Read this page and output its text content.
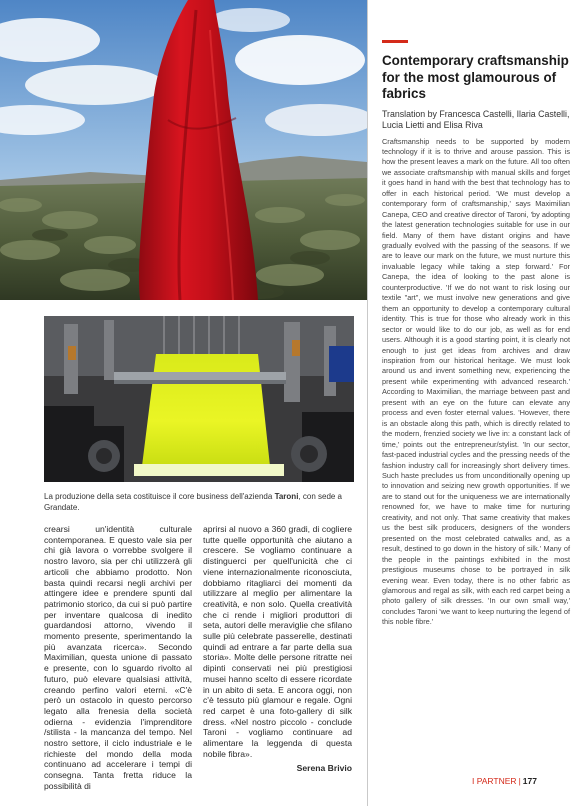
La produzione della seta costituisce il core business dell'azienda Taroni, con sede a Grandate.
crearsi un'identità culturale contemporanea. E questo vale sia per chi già lavora o vorrebbe svolgere il nostro lavoro, sia per chi utilizzerà gli articoli che abbiamo prodotto. Non basta quindi recarsi negli archivi per attingere idee e prendere spunti dal patrimonio storico, da cui si può partire per inventare qualcosa di inedito guardandosi attorno, vivendo il momento presente, sperimentando la più avanzata ricerca». Secondo Maximilian, questa unione di passato e presente, con lo sguardo rivolto al futuro, può elevare qualsiasi attività, creando perfino valori eterni. «C'è però un ostacolo in questo percorso legato alla frenesia della società odierna - evidenzia l'imprenditore /stilista - la mancanza del tempo. Nel nostro settore, il ciclo industriale e le richieste del mondo della moda continuano ad accelerare i tempi di consegna. Tanta fretta riduce la possibilità di
aprirsi al nuovo a 360 gradi, di cogliere tutte quelle opportunità che aiutano a crescere. Se vogliamo continuare a distinguerci per quell'unicità che ci viene internazionalmente riconosciuta, dobbiamo ritagliarci dei momenti da utilizzare al meglio per alimentare la creatività, e non solo. Quella creatività che ci rende i migliori produttori di seta, autori delle meraviglie che sfilano sulle più celebrate passerelle, destinati quindi ad entrare a far parte della sua storia». Molte delle persone ritratte nei dipinti conservati nei più prestigiosi musei hanno scelto di essere ricordate in un abito di seta. E ancora oggi, non c'è tessuto più glamour e regale. Ogni red carpet è una foto-gallery di silk dress. «Nel nostro piccolo - conclude Taroni - vogliamo continuare ad alimentare la leggenda di questa nobile fibra».
Serena Brivio
Contemporary craftsmanship for the most glamourous of fabrics

Translation by Francesca Castelli, Ilaria Castelli, Lucia Lietti and Elisa Riva

Craftsmanship needs to be supported by modern technology if it is to thrive and arouse passion. This is how the present leaves a mark on the future. All too often we associate craftsmanship with manual skills and forget it goes hand in hand with the best that technology has to offer in each historical period. 'We must develop a contemporary form of craftsmanship,' says Maximilian Canepa, CEO and creative director of Taroni, 'by adopting the latest generation technologies suitable for use in our field. Many of them have distant origins and have gradually evolved with the passing of the seasons. If we are to leave our mark on the future, we must nurture this invaluable legacy while taking a step forward.' For Canepa, the idea of looking to the past alone is counterproductive. 'If we do not want to risk losing our textile "art", we must involve new generations and give them an opportunity to develop a contemporary cultural identity. This is true for those who already work in this sector or would like to do our job, as well as for end users. Although it is a good starting point, it is clearly not enough to just get ideas from archives and draw inspiration from our historical heritage. We must look around us and invent something new, experiencing the present while experimenting with advanced research.' According to Maximilian, the marriage between past and present with an eye on the future can elevate any process and even foster eternal values. 'However, there is an obstacle along this path, which is directly related to the modern, frenzied society we live in: a constant lack of time,' points out the entrepreneur/stylist. 'In our sector, fast-paced industrial cycles and the pressing needs of the fashion industry call for increasingly short delivery times. Such haste precludes us from unconditionally opening up to innovation and seizing new growth opportunities. If we are to stand out for the uniqueness we are internationally renowned for, we have to make time for nurturing creativity, and not only. That same creativity that makes us the best silk producers, designers of the wonders presented on the most celebrated catwalks and, as a result, destined to go down in the history of silk.' Many of the people in the paintings exhibited in the most prestigious museums chose to be portrayed in silk evening wear. Even today, there is no other fabric as glamorous and regal as silk, with each red carpet being a photo gallery of silk dresses. 'In our own small way,' concludes Taroni 'we want to keep nurturing the legend of this noble fibre.'

I PARTNER | 177
